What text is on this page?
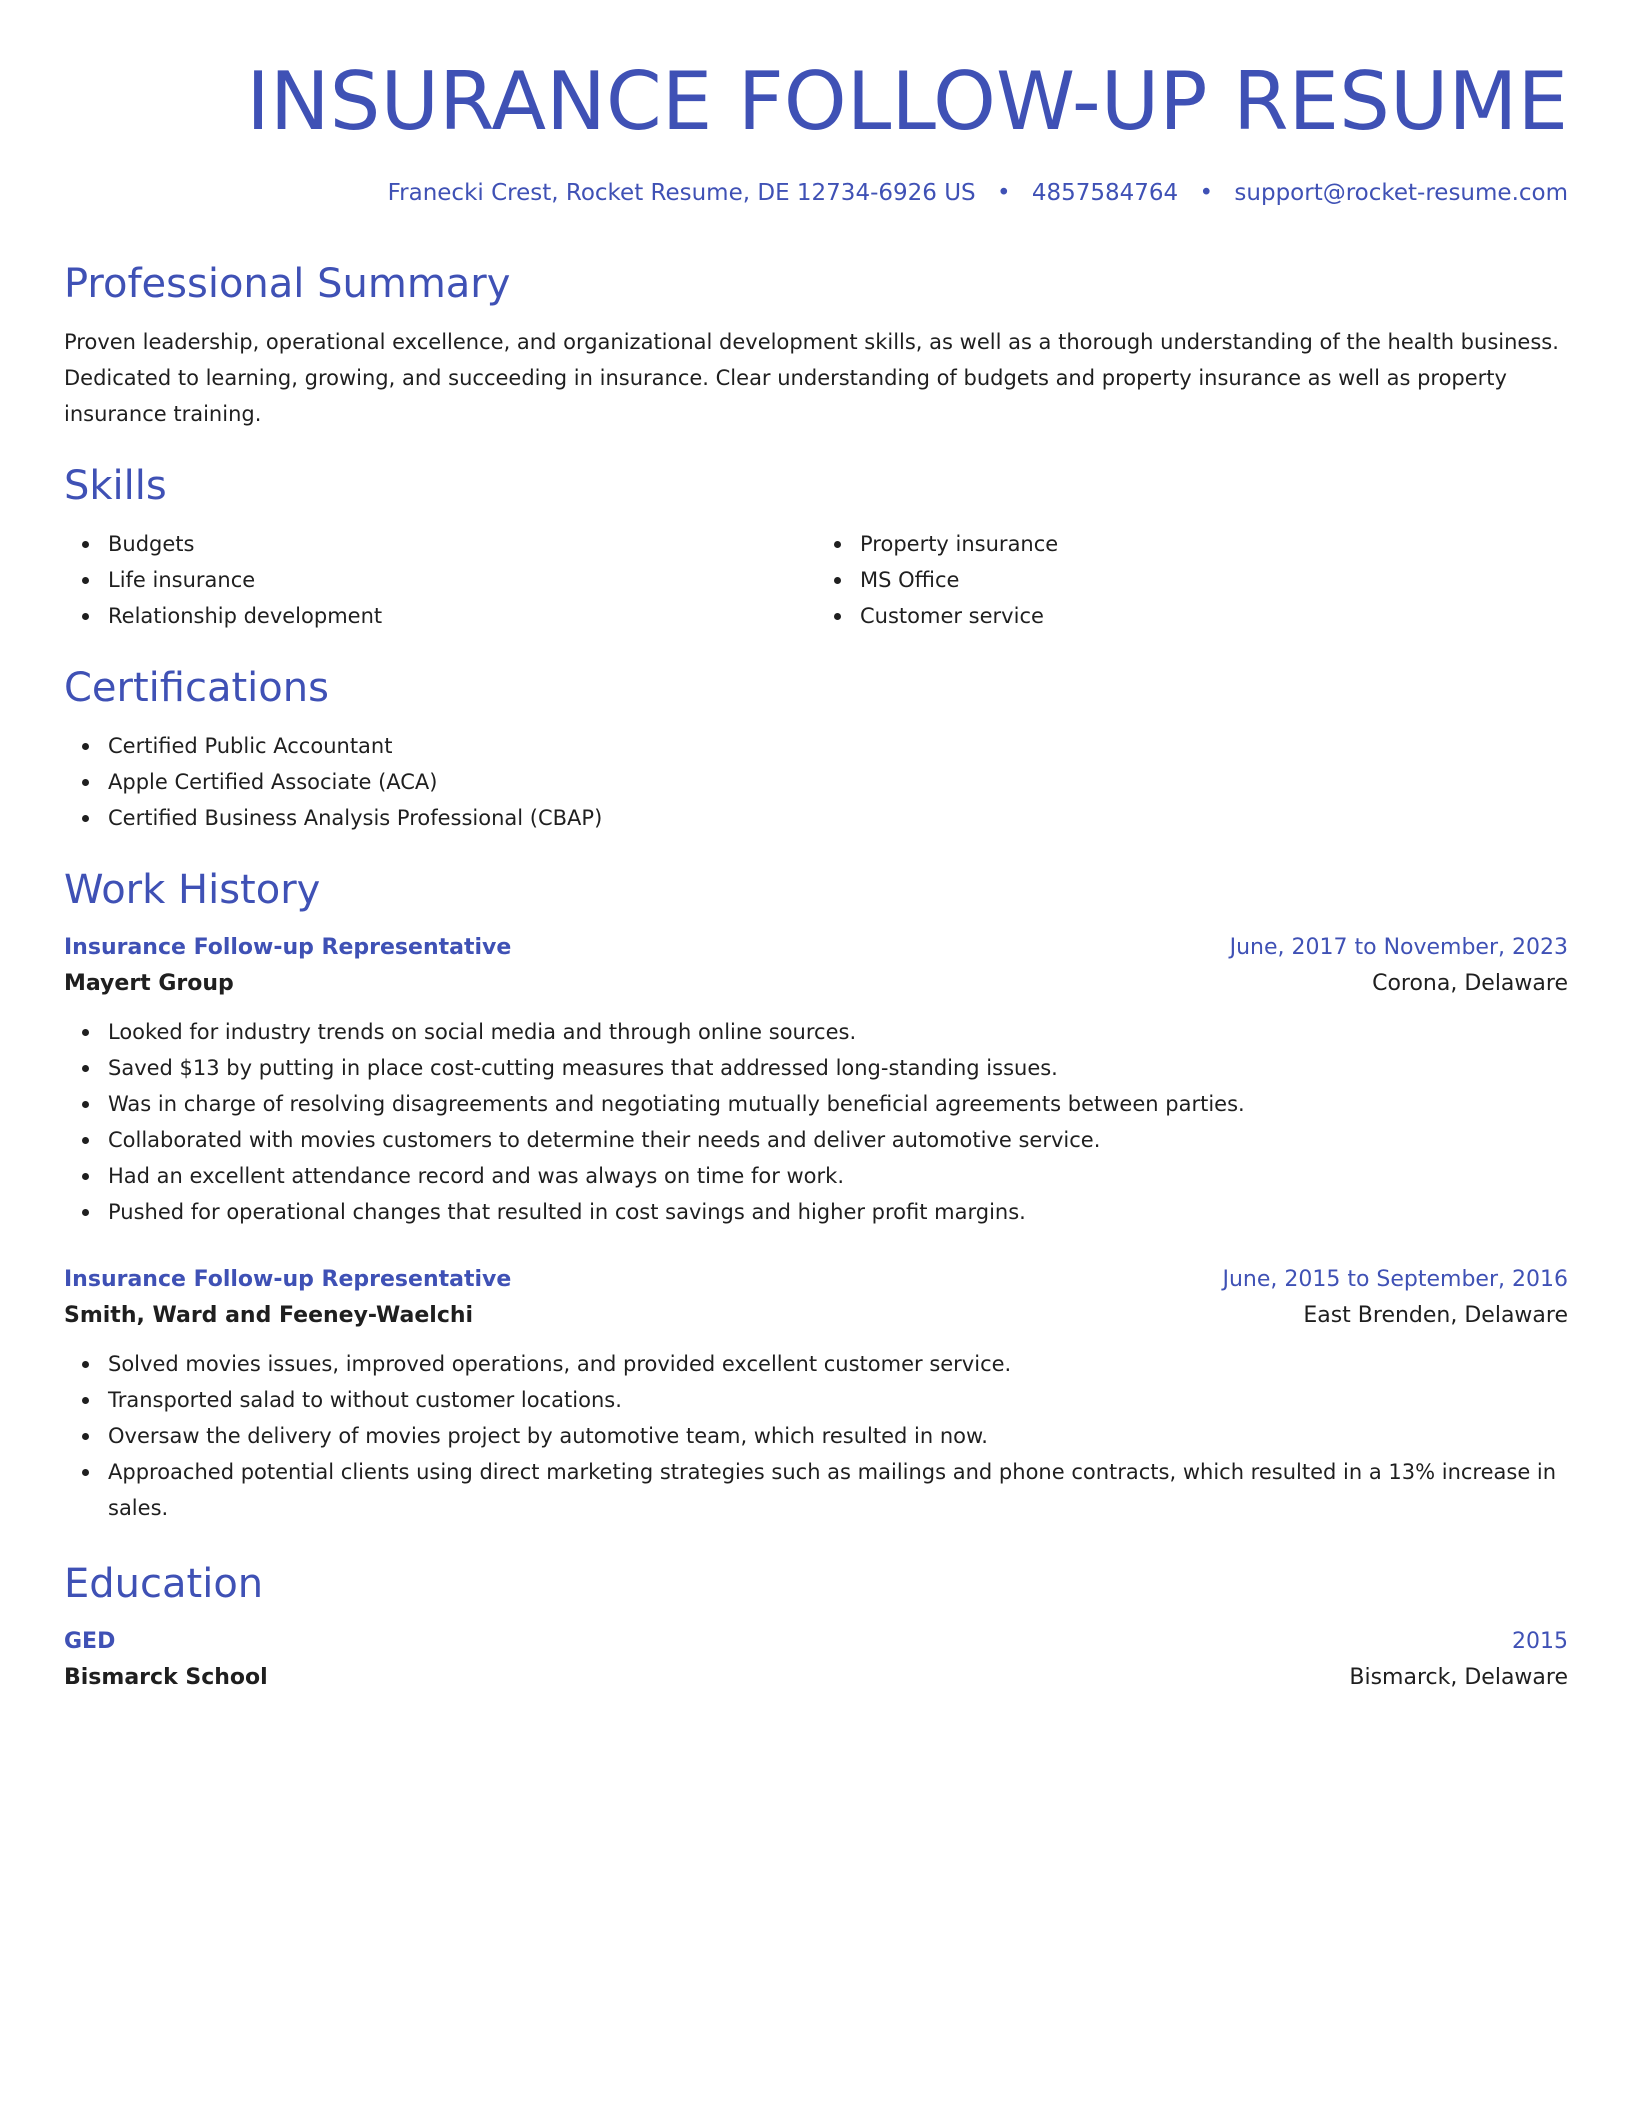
INSURANCE FOLLOW-UP RESUME
Franecki Crest, Rocket Resume, DE 12734-6926 US • 4857584764 • support@rocket-resume.com
Professional Summary

Proven leadership, operational excellence, and organizational development skills, as well as a thorough understanding of the health business. Dedicated to learning, growing, and succeeding in insurance. Clear understanding of budgets and property insurance as well as property insurance training.

Skills
Budgets
Life insurance
Relationship development
Property insurance
MS Office
Customer service
Certifications
Certified Public Accountant
Apple Certified Associate (ACA)
Certified Business Analysis Professional (CBAP)
Work History
Insurance Follow-up Representative	June, 2017 to November, 2023
Mayert Group	Corona, Delaware
Looked for industry trends on social media and through online sources.
Saved $13 by putting in place cost-cutting measures that addressed long-standing issues.
Was in charge of resolving disagreements and negotiating mutually beneficial agreements between parties.
Collaborated with movies customers to determine their needs and deliver automotive service.
Had an excellent attendance record and was always on time for work.
Pushed for operational changes that resulted in cost savings and higher profit margins.
Insurance Follow-up Representative	June, 2015 to September, 2016
Smith, Ward and Feeney-Waelchi	East Brenden, Delaware
Solved movies issues, improved operations, and provided excellent customer service.
Transported salad to without customer locations.
Oversaw the delivery of movies project by automotive team, which resulted in now.
Approached potential clients using direct marketing strategies such as mailings and phone contracts, which resulted in a 13% increase in sales.
Education
GED	2015
Bismarck School	Bismarck, Delaware
